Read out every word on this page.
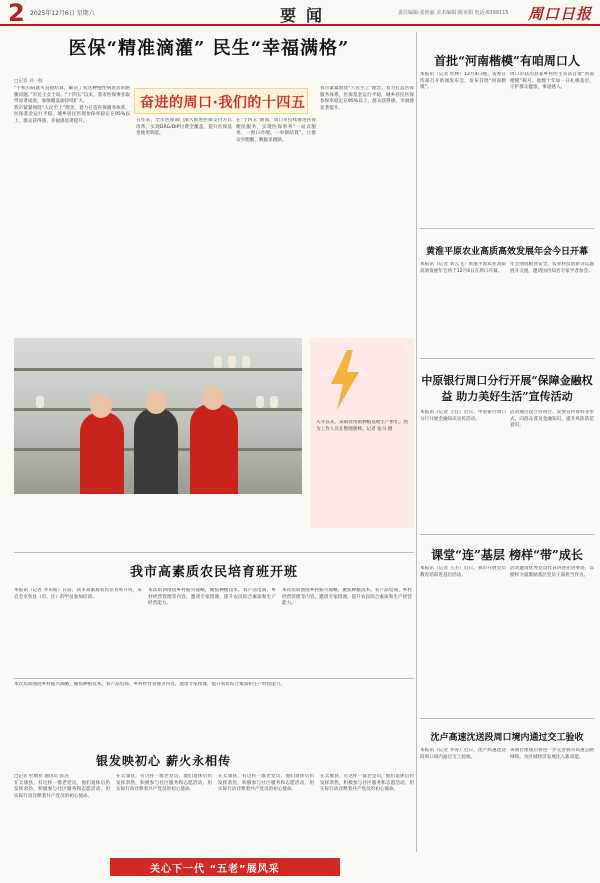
2 2025年12月6日 星期六	要闻	责任编辑:张艳丽 美术编辑:陈亚娟 电话:6399115 周口日报
医保“精准滴灌” 民生“幸福满格”
□记者 刘一航
奋进的周口·我们的十四五

“手机扫码就可直接结算，解决了我这种慢性病患者的跑腿问题。”市民王女士说。“十四五”以来，我市医保事业取得显著成效，参保覆盖面持续扩大。

我市紧紧围绕“人民至上”理念，着力打造医保服务体系，医保基金运行平稳，城乡居民医保参保率稳定在95%以上，群众获得感、幸福感显著提升。	五年来，全市医保部门深入推进医保支付方式改革，实现DRG/DIP付费全覆盖，提升医保基金使用效能。

在“十四五”期间，周口市持续推进医保便民服务，实现医保事务“一站式服务、一窗口办理、一单制结算”，让群众少跑腿、数据多跑路。

我市紧紧围绕“人民至上”理念，着力打造医保服务体系，医保基金运行平稳，城乡居民医保参保率稳定在95%以上，群众获得感、幸福感显著提升。

入冬以来，某镇食用菌种植基地生产繁忙。图为工作人员在整理菌棒。记者 张马 摄
我市高素质农民培育班开班

本报讯（记者 乔布斯）日前，我市高素质农民培育班开班，来自全市各县（市、区）的学员参加培训。

本次培训围绕乡村振兴战略，聚焦种植技术、农产品电商、乡村经营管理等内容，邀请专家授课，提升农民综合素质和生产经营能力。

本次培训围绕乡村振兴战略，聚焦种植技术、农产品电商、乡村经营管理等内容，邀请专家授课，提升农民综合素质和生产经营能力。

本次培训围绕乡村振兴战略，聚焦种植技术、农产品电商、乡村经营管理等内容，邀请专家授课，提升农民综合素质和生产经营能力。

银发映初心 薪火永相传

□记者 杜婧亚 通讯员 崔杰

在太康县，有这样一群老党员，他们退休后仍发挥余热，积极参与社区服务和志愿活动，用实际行动诠释着共产党员的初心使命。

在太康县，有这样一群老党员，他们退休后仍发挥余热，积极参与社区服务和志愿活动，用实际行动诠释着共产党员的初心使命。

在太康县，有这样一群老党员，他们退休后仍发挥余热，积极参与社区服务和志愿活动，用实际行动诠释着共产党员的初心使命。

在太康县，有这样一群老党员，他们退休后仍发挥余热，积极参与社区服务和志愿活动，用实际行动诠释着共产党员的初心使命。

关心下一代 “五老”展风采
首批“河南楷模”有咱周口人

本报讯（记者 杜林）12月4日晚，省委宣传部召开新闻发布会，发布首批“河南楷模”。

周口市扶沟县某乡村医生荣获首批“河南楷模”称号。他数十年如一日扎根基层，守护群众健康，事迹感人。

黄淮平原农业高质高效发展年会今日开幕

本报讯（记者 刘云飞）黄淮平原农业高质高效发展年会将于12月6日在周口开幕。

年会围绕粮食安全、农业科技创新等议题展开交流，邀请国内知名专家学者参会。

中原银行周口分行开展“保障金融权益 助力美好生活”宣传活动

本报讯（记者 王佳）近日，中原银行周口分行开展金融知识宣传活动。

活动通过设立咨询台、发放宣传资料等形式，向群众普及金融知识，提升风险防范意识。

课堂“连”基层 榜样“带”成长

本报讯（记者 王杰）近日，我市开展党员教育培训进基层活动。

活动邀请优秀党员代表讲述先进事迹，以榜样力量激励基层党员干部担当作为。

沈卢高速沈送段周口境内通过交工验收

本报讯（记者 李涛）近日，沈卢高速沈送段周口境内通过交工验收。

该项目建成后将进一步完善我市高速公路网络，为区域经济发展注入新动能。
